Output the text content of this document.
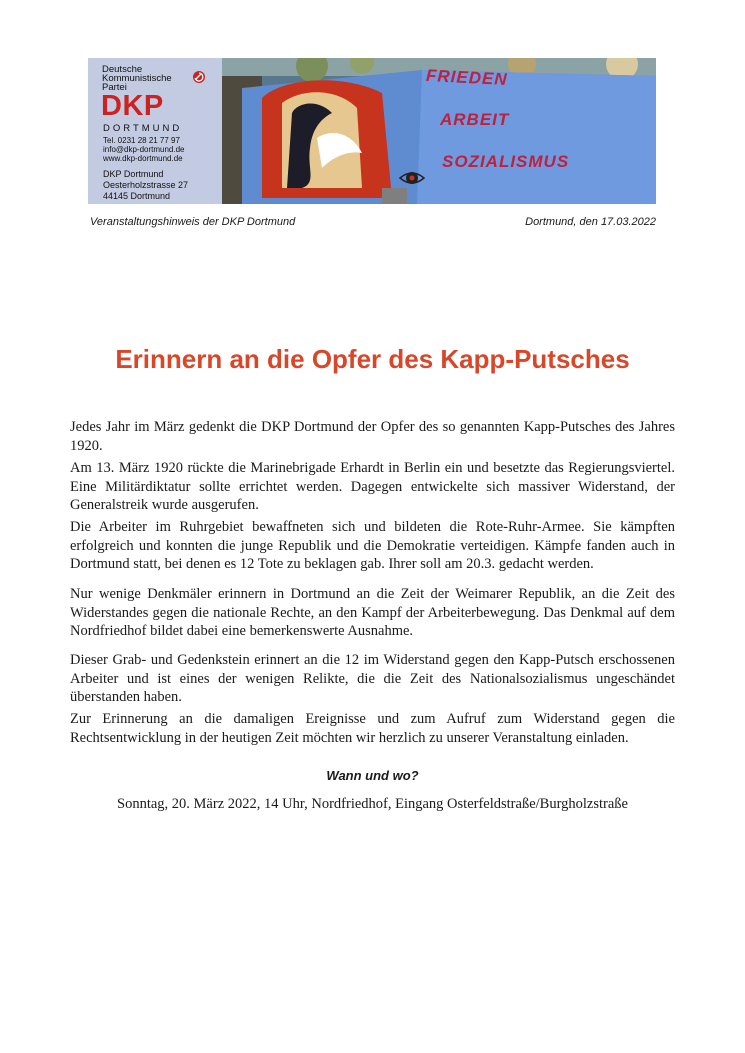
Deutsche
Kommunistische
Partei
DKP
DORTMUND
Tel. 0231 28 21 77 97
info@dkp-dortmund.de
www.dkp-dortmund.de
DKP Dortmund
Oesterholzstrasse 27
44145 Dortmund
FRIEDEN
ARBEIT
SOZIALISMUS
Veranstaltungshinweis der DKP Dortmund	Dortmund, den 17.03.2022
Erinnern an die Opfer des Kapp-Putsches
Jedes Jahr im März gedenkt die DKP Dortmund der Opfer des so genannten Kapp-Putsches des Jahres 1920.
Am 13. März 1920 rückte die Marinebrigade Erhardt in Berlin ein und besetzte das Regierungsviertel. Eine Militärdiktatur sollte errichtet werden. Dagegen entwickelte sich massiver Widerstand, der Generalstreik wurde ausgerufen.
Die Arbeiter im Ruhrgebiet bewaffneten sich und bildeten die Rote-Ruhr-Armee. Sie kämpften erfolgreich und konnten die junge Republik und die Demokratie verteidigen. Kämpfe fanden auch in Dortmund statt, bei denen es 12 Tote zu beklagen gab. Ihrer soll am 20.3. gedacht werden.
Nur wenige Denkmäler erinnern in Dortmund an die Zeit der Weimarer Republik, an die Zeit des Widerstandes gegen die nationale Rechte, an den Kampf der Arbeiterbewegung. Das Denkmal auf dem Nordfriedhof bildet dabei eine bemerkenswerte Ausnahme.
Dieser Grab- und Gedenkstein erinnert an die 12 im Widerstand gegen den Kapp-Putsch erschossenen Arbeiter und ist eines der wenigen Relikte, die die Zeit des Nationalsozialismus ungeschändet überstanden haben.
Zur Erinnerung an die damaligen Ereignisse und zum Aufruf zum Widerstand gegen die Rechtsentwicklung in der heutigen Zeit möchten wir herzlich zu unserer Veranstaltung einladen.
Wann und wo?
Sonntag, 20. März 2022, 14 Uhr, Nordfriedhof, Eingang Osterfeldstraße/Burgholzstraße
